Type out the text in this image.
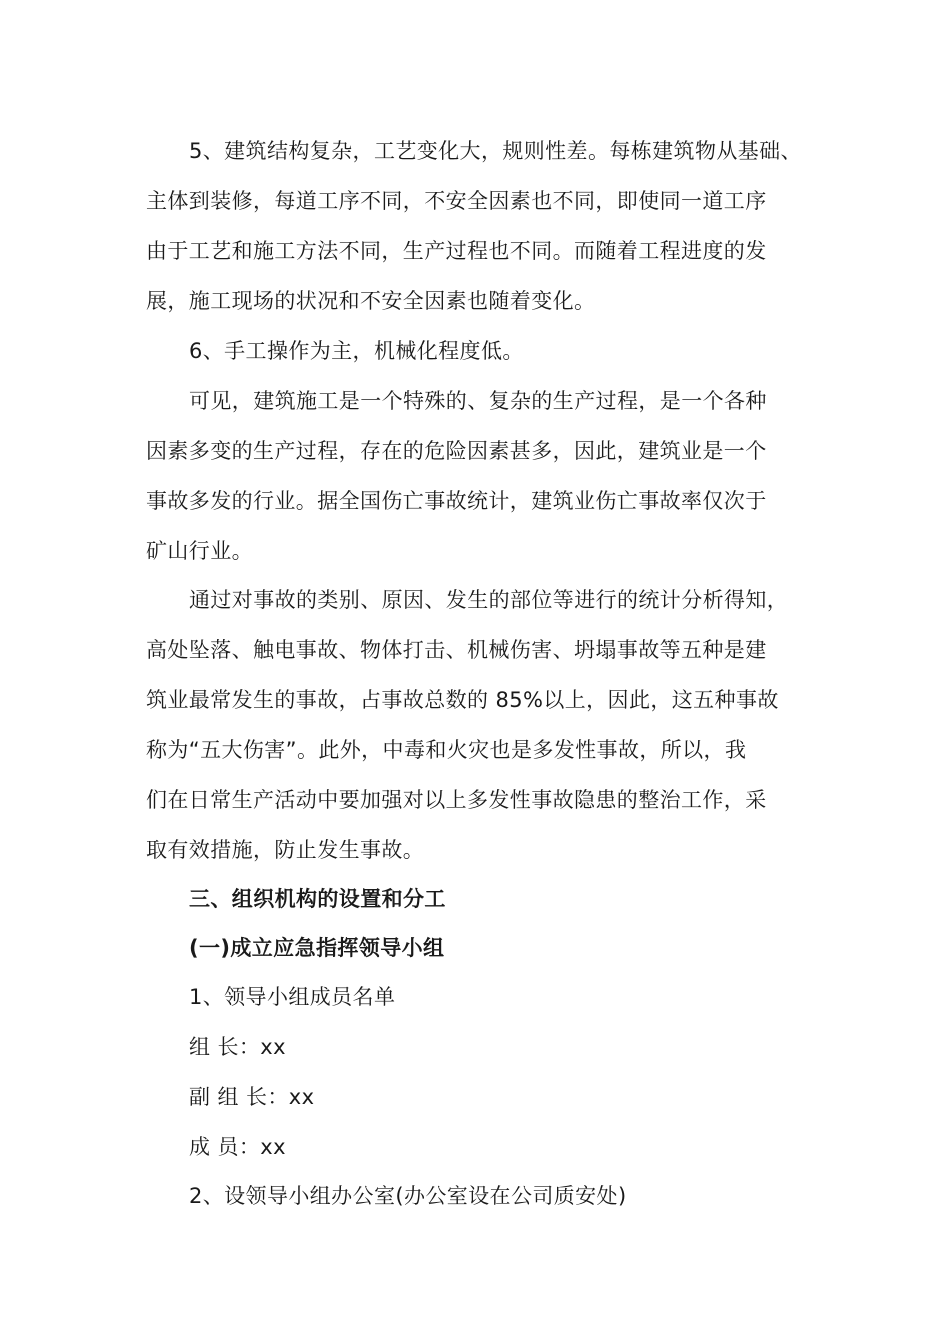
5、建筑结构复杂，工艺变化大，规则性差。每栋建筑物从基础、
主体到装修，每道工序不同，不安全因素也不同，即使同一道工序
由于工艺和施工方法不同，生产过程也不同。而随着工程进度的发
展，施工现场的状况和不安全因素也随着变化。
6、手工操作为主，机械化程度低。
可见，建筑施工是一个特殊的、复杂的生产过程，是一个各种
因素多变的生产过程，存在的危险因素甚多，因此，建筑业是一个
事故多发的行业。据全国伤亡事故统计，建筑业伤亡事故率仅次于
矿山行业。
通过对事故的类别、原因、发生的部位等进行的统计分析得知，
高处坠落、触电事故、物体打击、机械伤害、坍塌事故等五种是建
筑业最常发生的事故，占事故总数的 85%以上，因此，这五种事故
称为“五大伤害”。此外，中毒和火灾也是多发性事故，所以，我
们在日常生产活动中要加强对以上多发性事故隐患的整治工作，采
取有效措施，防止发生事故。
三、组织机构的设置和分工
(一)成立应急指挥领导小组
1、领导小组成员名单
组 长：xx
副 组 长：xx
成 员：xx
2、设领导小组办公室(办公室设在公司质安处)
